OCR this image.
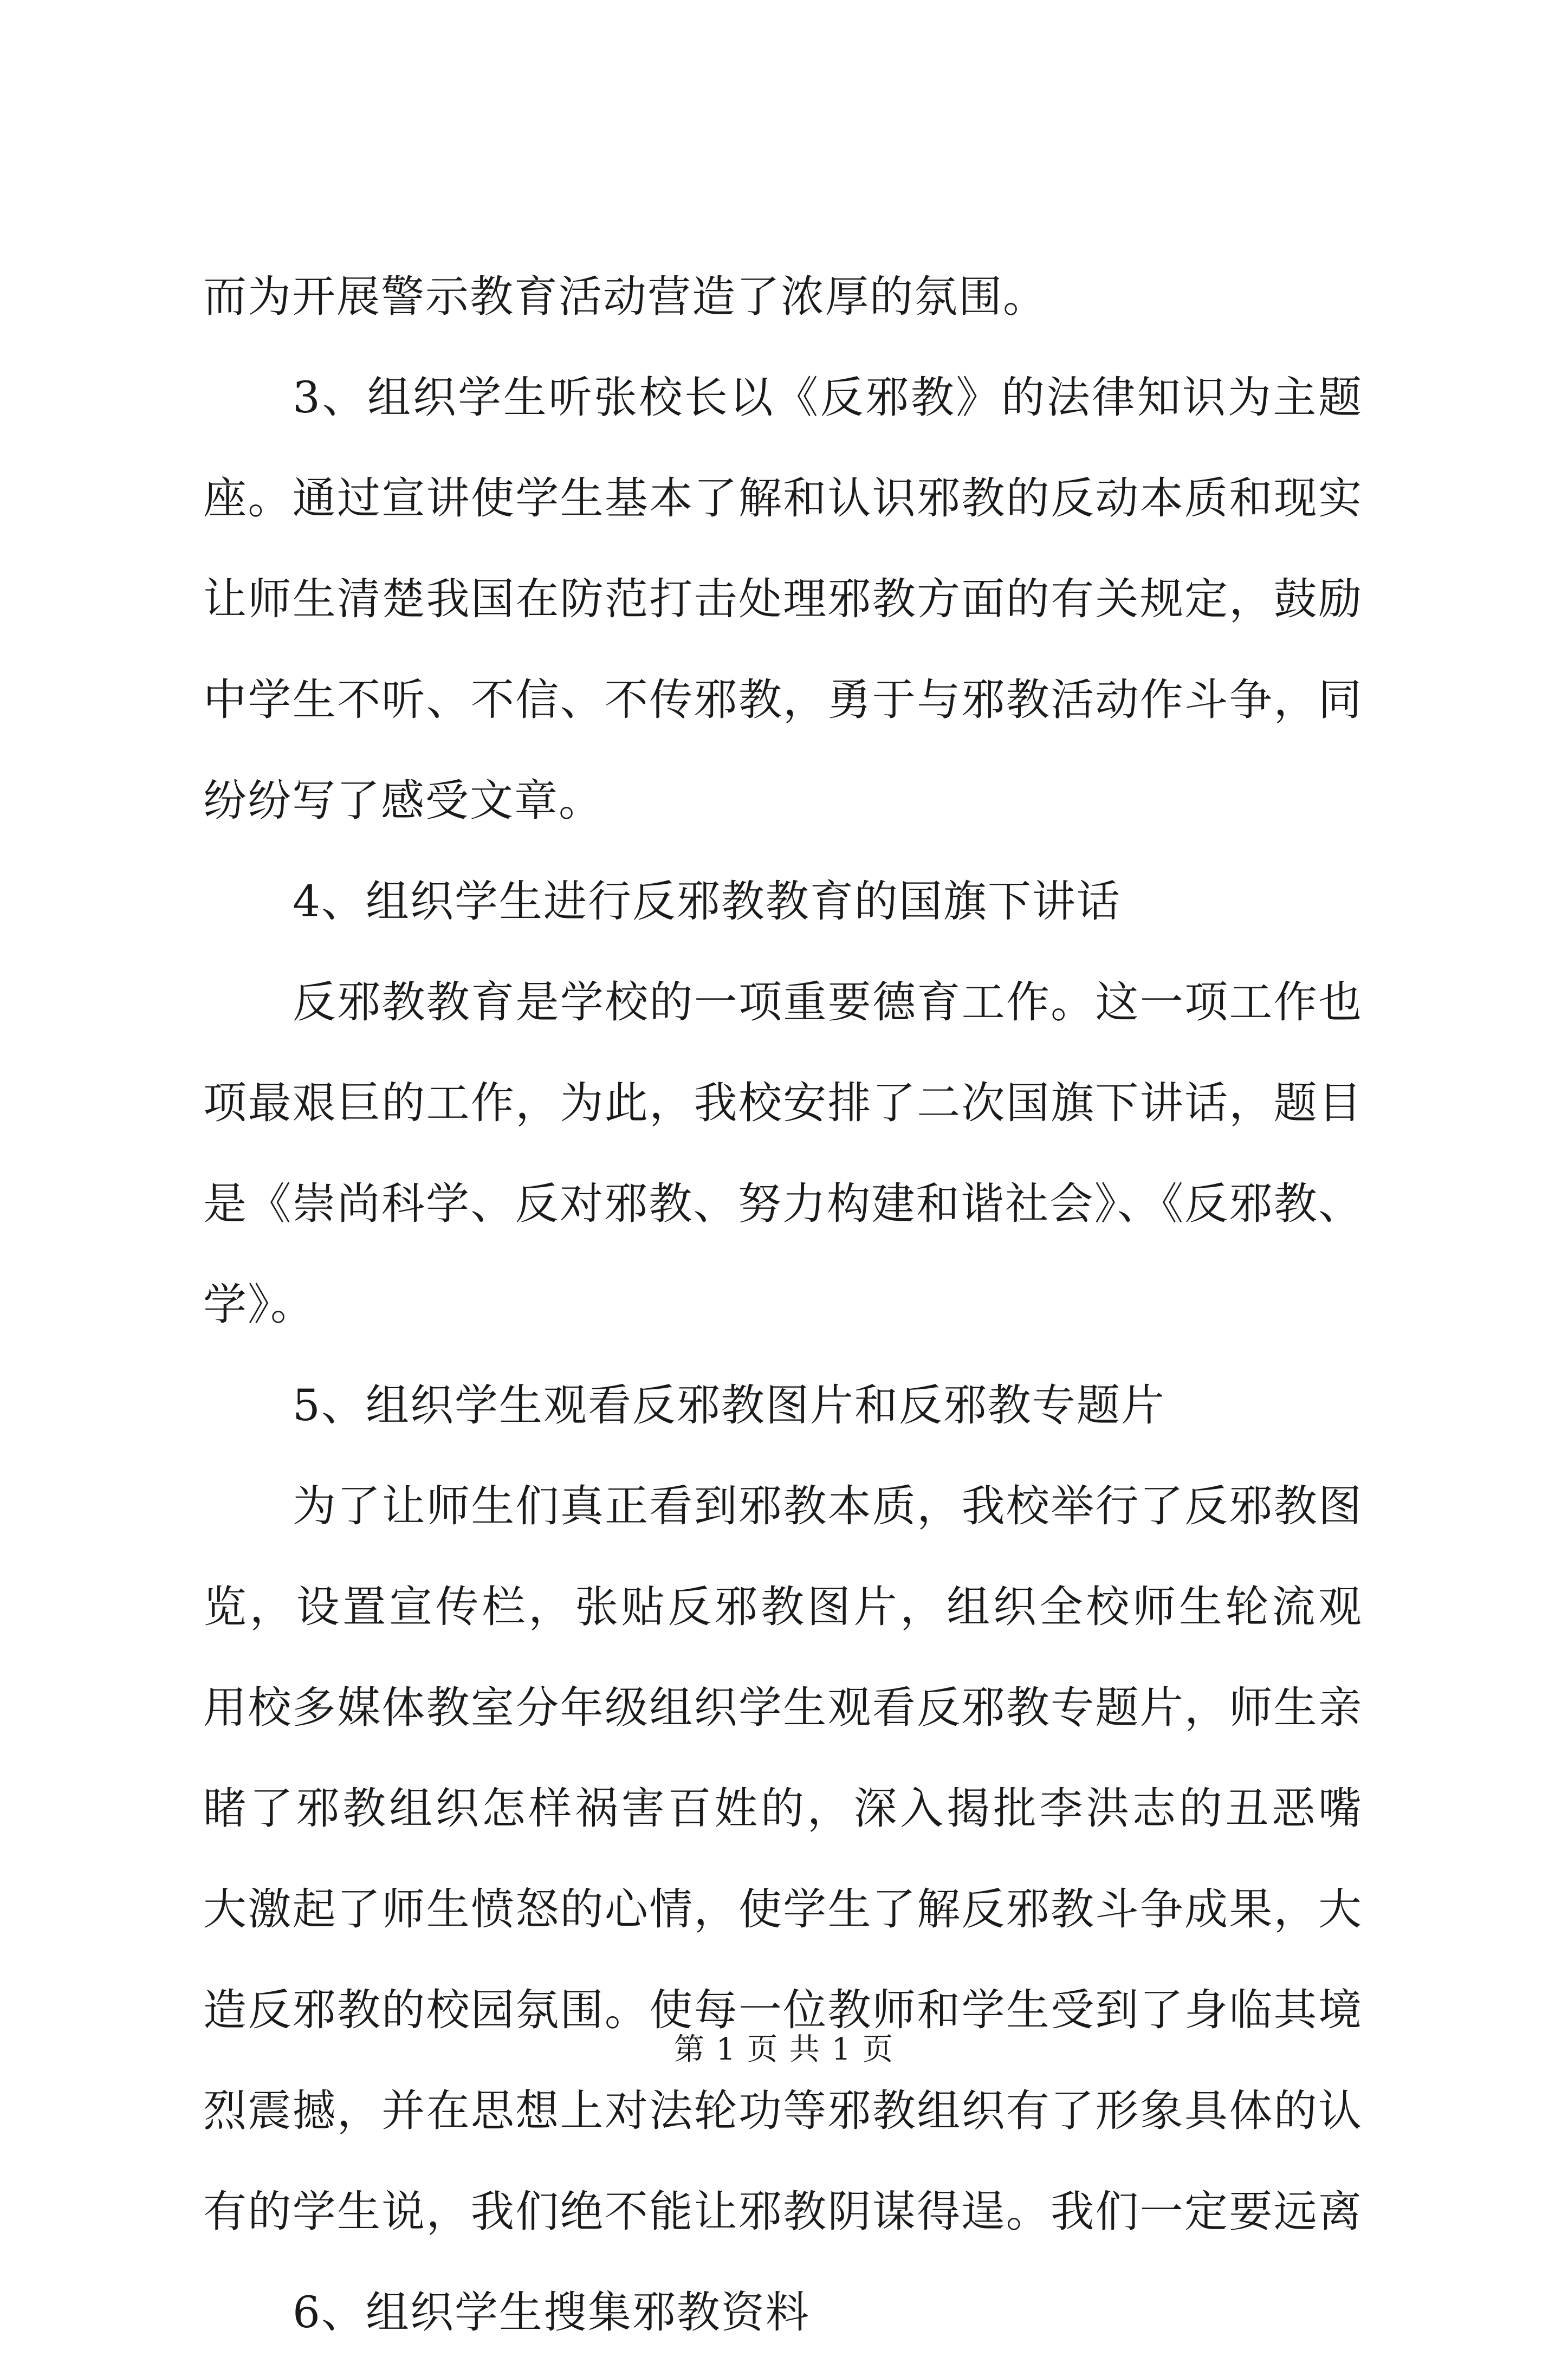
而为开展警示教育活动营造了浓厚的氛围。
3、组织学生听张校长以《反邪教》的法律知识为主题
座。通过宣讲使学生基本了解和认识邪教的反动本质和现实
让师生清楚我国在防范打击处理邪教方面的有关规定，鼓励
中学生不听、不信、不传邪教，勇于与邪教活动作斗争，同
纷纷写了感受文章。
4、组织学生进行反邪教教育的国旗下讲话
反邪教教育是学校的一项重要德育工作。这一项工作也
项最艰巨的工作，为此，我校安排了二次国旗下讲话，题目
是《崇尚科学、反对邪教、努力构建和谐社会》、《反邪教、
学》。
5、组织学生观看反邪教图片和反邪教专题片
为了让师生们真正看到邪教本质，我校举行了反邪教图
览，设置宣传栏，张贴反邪教图片，组织全校师生轮流观
用校多媒体教室分年级组织学生观看反邪教专题片，师生亲
睹了邪教组织怎样祸害百姓的，深入揭批李洪志的丑恶嘴
大激起了师生愤怒的心情，使学生了解反邪教斗争成果，大
造反邪教的校园氛围。使每一位教师和学生受到了身临其境
烈震撼，并在思想上对法轮功等邪教组织有了形象具体的认
有的学生说，我们绝不能让邪教阴谋得逞。我们一定要远离
6、组织学生搜集邪教资料
第 1 页 共 1 页
